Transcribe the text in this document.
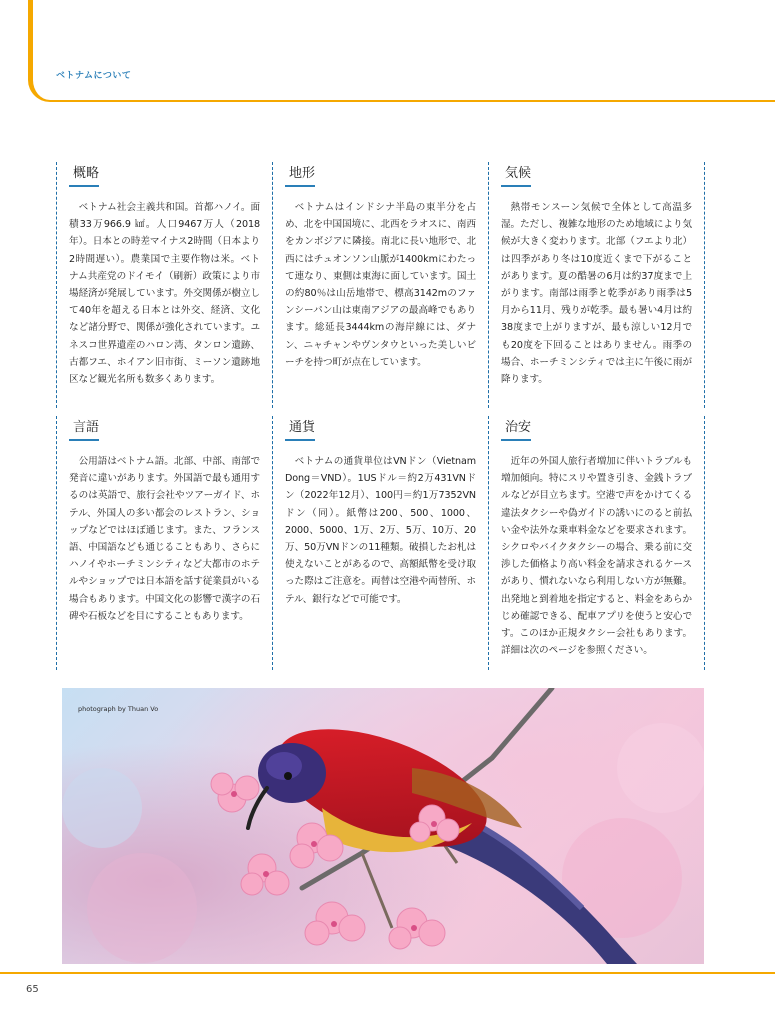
ベトナムについて
概略

ベトナム社会主義共和国。首都ハノイ。面積33万966.9 ㎢。人口9467万人（2018年）。日本との時差マイナス2時間（日本より2時間遅い）。農業国で主要作物は米。ベトナム共産党のドイモイ（刷新）政策により市場経済が発展しています。外交関係が樹立して40年を超える日本とは外交、経済、文化など諸分野で、関係が強化されています。ユネスコ世界遺産のハロン湾、タンロン遺跡、古都フエ、ホイアン旧市街、ミーソン遺跡地区など観光名所も数多くあります。

地形

ベトナムはインドシナ半島の東半分を占め、北を中国国境に、北西をラオスに、南西をカンボジアに隣接。南北に長い地形で、北西にはチュオンソン山脈が1400kmにわたって連なり、東側は東海に面しています。国土の約80％は山岳地帯で、標高3142mのファンシーパン山は東南アジアの最高峰でもあります。総延長3444kmの海岸線には、ダナン、ニャチャンやヴンタウといった美しいビーチを持つ町が点在しています。

気候

熱帯モンスーン気候で全体として高温多湿。ただし、複雑な地形のため地域により気候が大きく変わります。北部（フエより北）は四季があり冬は10度近くまで下がることがあります。夏の酷暑の6月は約37度まで上がります。南部は雨季と乾季があり雨季は5月から11月、残りが乾季。最も暑い4月は約38度まで上がりますが、最も涼しい12月でも20度を下回ることはありません。雨季の場合、ホーチミンシティでは主に午後に雨が降ります。

言語

公用語はベトナム語。北部、中部、南部で発音に違いがあります。外国語で最も通用するのは英語で、旅行会社やツアーガイド、ホテル、外国人の多い都会のレストラン、ショップなどではほぼ通じます。また、フランス語、中国語なども通じることもあり、さらにハノイやホーチミンシティなど大都市のホテルやショップでは日本語を話す従業員がいる場合もあります。中国文化の影響で漢字の石碑や石板などを目にすることもあります。

通貨

ベトナムの通貨単位はVNドン（Vietnam Dong＝VND）。1USドル＝約2万431VNドン（2022年12月）、100円＝約1万7352VNドン（同）。紙幣は200、500、1000、2000、5000、1万、2万、5万、10万、20万、50万VNドンの11種類。破損したお札は使えないことがあるので、高額紙幣を受け取った際はご注意を。両替は空港や両替所、ホテル、銀行などで可能です。

治安

近年の外国人旅行者増加に伴いトラブルも増加傾向。特にスリや置き引き、金銭トラブルなどが目立ちます。空港で声をかけてくる違法タクシーや偽ガイドの誘いにのると前払い金や法外な乗車料金などを要求されます。シクロやバイクタクシーの場合、乗る前に交渉した価格より高い料金を請求されるケースがあり、慣れないなら利用しない方が無難。出発地と到着地を指定すると、料金をあらかじめ確認できる、配車アプリを使うと安心です。このほか正規タクシー会社もあります。詳細は次のページを参照ください。

photograph by Thuan Vo
65
